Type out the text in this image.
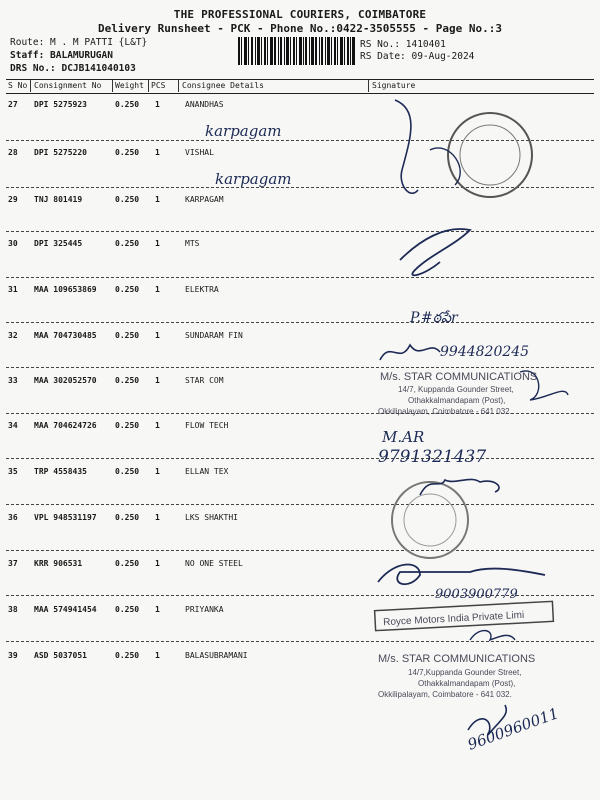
THE PROFESSIONAL COURIERS, COIMBATORE
Delivery Runsheet - PCK - Phone No.:0422-3505555 - Page No.:3
Route: M . M PATTI {L&T}
Staff: BALAMURUGAN
DRS No.: DCJB141040103
RS No.: 1410401
RS Date: 09-Aug-2024
S No Consignment No Weight PCS Consignee Details	Signature
27 DPI 5275923	0.250 1	ANANDHAS
28 DPI 5275220	0.250 1	VISHAL
29 TNJ 801419	0.250 1	KARPAGAM
30 DPI 325445	0.250 1	MTS
31 MAA 109653869 0.250 1	ELEKTRA
32 MAA 704730485 0.250 1	SUNDARAM FIN
33 MAA 302052570 0.250 1	STAR COM
34 MAA 704624726 0.250 1	FLOW TECH
35 TRP 4558435	0.250 1	ELLAN TEX
36 VPL 948531197 0.250 1	LKS SHAKTHI
37 KRR 906531	0.250 1	NO ONE STEEL
38 MAA 574941454 0.250 1	PRIYANKA
39 ASD 5037051	0.250 1	BALASUBRAMANI
karpagam
karpagam
P.#ఠపేr
9944820245
M/s. STAR COMMUNICATIONS
14/7, Kuppanda Gounder Street,
Othakkalmandapam (Post),
Okkilipalayam, Coimbatore - 641 032.
M.AR
9791321437
9003900779
Royce Motors India Private Limi
M/s. STAR COMMUNICATIONS
14/7,Kuppanda Gounder Street,
Othakkalmandapam (Post),
Okkilipalayam, Coimbatore - 641 032.
9600960011
